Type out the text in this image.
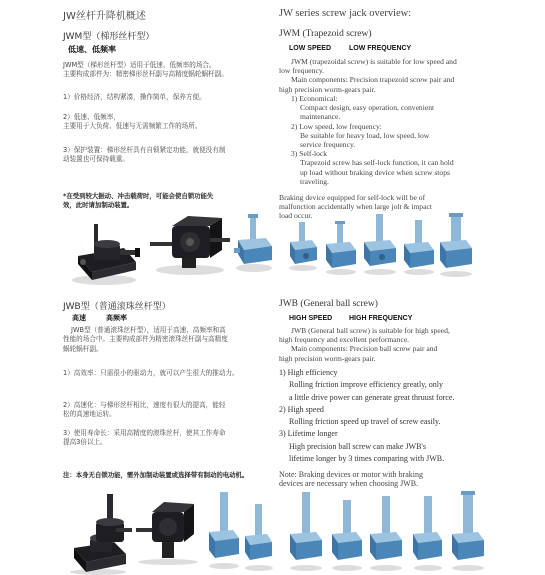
JW丝杆升降机概述
JWM型（梯形丝杆型）
低速、低频率
JWM型（梯形丝杆型）适用于低速、低频率的场合。
主要构成部件为：精密梯形丝杆副与高精度蜗轮蜗杆副。
1）价格经济，结构紧凑，操作简单，保养方便。
2）低速、低频率，
主要用于大负荷、低速与无需频繁工作的场所。
3）保护装置：梯形丝杆具有自锁紧定功能，就便没有制
动装置也可保持载重。
*在受到较大振动、冲击载荷时，可能会使自锁功能失
效，此时请加制动装置。
JW series screw jack overview:
JWM (Trapezoid screw)
LOW SPEED	LOW FREQUENCY
JWM (trapezoidal screw) is suitable for low speed and
low frequency.
Main components: Precision trapezoid screw pair and
high precision worm-gears pair.
1) Economical:
Compact design, easy operation, convenient
maintenance.
2) Low speed, low frequency:
Be suitable for heavy load, low speed, low
service frequency.
3) Self-lock
Trapezoid screw has self-lock function, it can hold
up load without braking device when screw stops
traveling.
Braking device equipped for self-lock will be of
malfunction accidentally when large jolt & impact
load occur.
JWB型（普通滚珠丝杆型）
高速	高频率
JWB型（普通滚珠丝杆型），适用于高速、高频率和高
性能的场合中。主要构成部件为精密滚珠丝杆副与高精度
蜗轮蜗杆副。
1）高效率：只需很小的驱动力，就可以产生很大的推动力。
2）高速化：与梯形丝杆相比，速度有很大的提高，能轻
松的高速地运转。
3）使用寿命长：采用高精度的滚珠丝杆，使其工作寿命
提高3倍以上。
注：本身无自锁功能，需外加制动装置或选择带有制动的电动机。
JWB (General ball screw)
HIGH SPEED HIGH FREQUENCY
JWB (General ball screw) is suitable for high speed,
high frequency and excellent performance.
Main components: Precision ball screw pair and
high precision worm-gears pair.
1) High efficiency
Rolling friction improve efficiency greatly, only
a little drive power can generate great thruust force.
2) High speed
Rolling friction speed up travel of screw easily.
3) Lifetime longer
High precision ball screw can make JWB's
lifetime longer by 3 times comparing with JWB.
Note: Braking devices or motor with braking
devices are necessary when choosing JWB.
